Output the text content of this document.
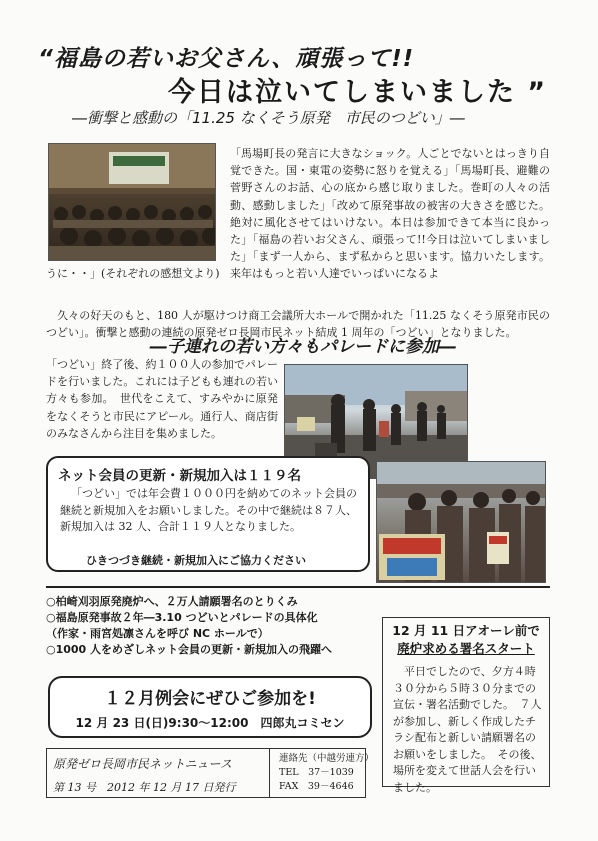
“福島の若いお父さん、頑張って!!
今日は泣いてしまいました ”
―衝撃と感動の「11.25 なくそう原発　市民のつどい」―
「馬場町長の発言に大きなショック。人ごとでないとはっきり自覚できた。国・東電の姿勢に怒りを覚える」「馬場町長、避難の菅野さんのお話、心の底から感じ取りました。巻町の人々の活動、感動しました」「改めて原発事故の被害の大きさを感じた。絶対に風化させてはいけない。本日は参加できて本当に良かった」「福島の若いお父さん、頑張って!!今日は泣いてしまいました」「まず一人から、まず私からと思います。協力いたします。来年はもっと若い人達でいっぱいになるよ
うに・・」(それぞれの感想文より)
久々の好天のもと、180 人が駆けつけ商工会議所大ホールで開かれた「11.25 なくそう原発市民のつどい」。衝撃と感動の連続の原発ゼロ長岡市民ネット結成 1 周年の「つどい」となりました。
―子連れの若い方々もパレードに参加―
「つどい」終了後、約１００人の参加でパレードを行いました。これには子どもも連れの若い方々も参加。　世代をこえて、すみやかに原発をなくそうと市民にアピール。通行人、商店街のみなさんから注目を集めました。
ネット会員の更新・新規加入は１１９名
「つどい」では年会費１０００円を納めてのネット会員の継続と新規加入をお願いしました。その中で継続は８７人、新規加入は 32 人、合計１１９人となりました。
ひきつづき継続・新規加入にご協力ください
○柏崎刈羽原発廃炉へ、２万人請願署名のとりくみ
○福島原発事故２年―3.10 つどいとパレードの具体化
（作家・雨宮処凛さんを呼び NC ホールで）
○1000 人をめざしネット会員の更新・新規加入の飛躍へ
１２月例会にぜひご参加を!
12 月 23 日(日)9:30～12:00　四郎丸コミセン
原発ゼロ長岡市民ネットニュース
第 13 号　2012 年 12 月 17 日発行
連絡先（中越労連方）
TEL　37－1039
FAX　39－4646
12 月 11 日アオーレ前で
廃炉求める署名スタート
平日でしたので、夕方４時３０分から５時３０分までの宣伝・署名活動でした。　７人が参加し、新しく作成したチラシ配布と新しい請願署名のお願いをしました。　その後、場所を変えて世話人会を行いました。
